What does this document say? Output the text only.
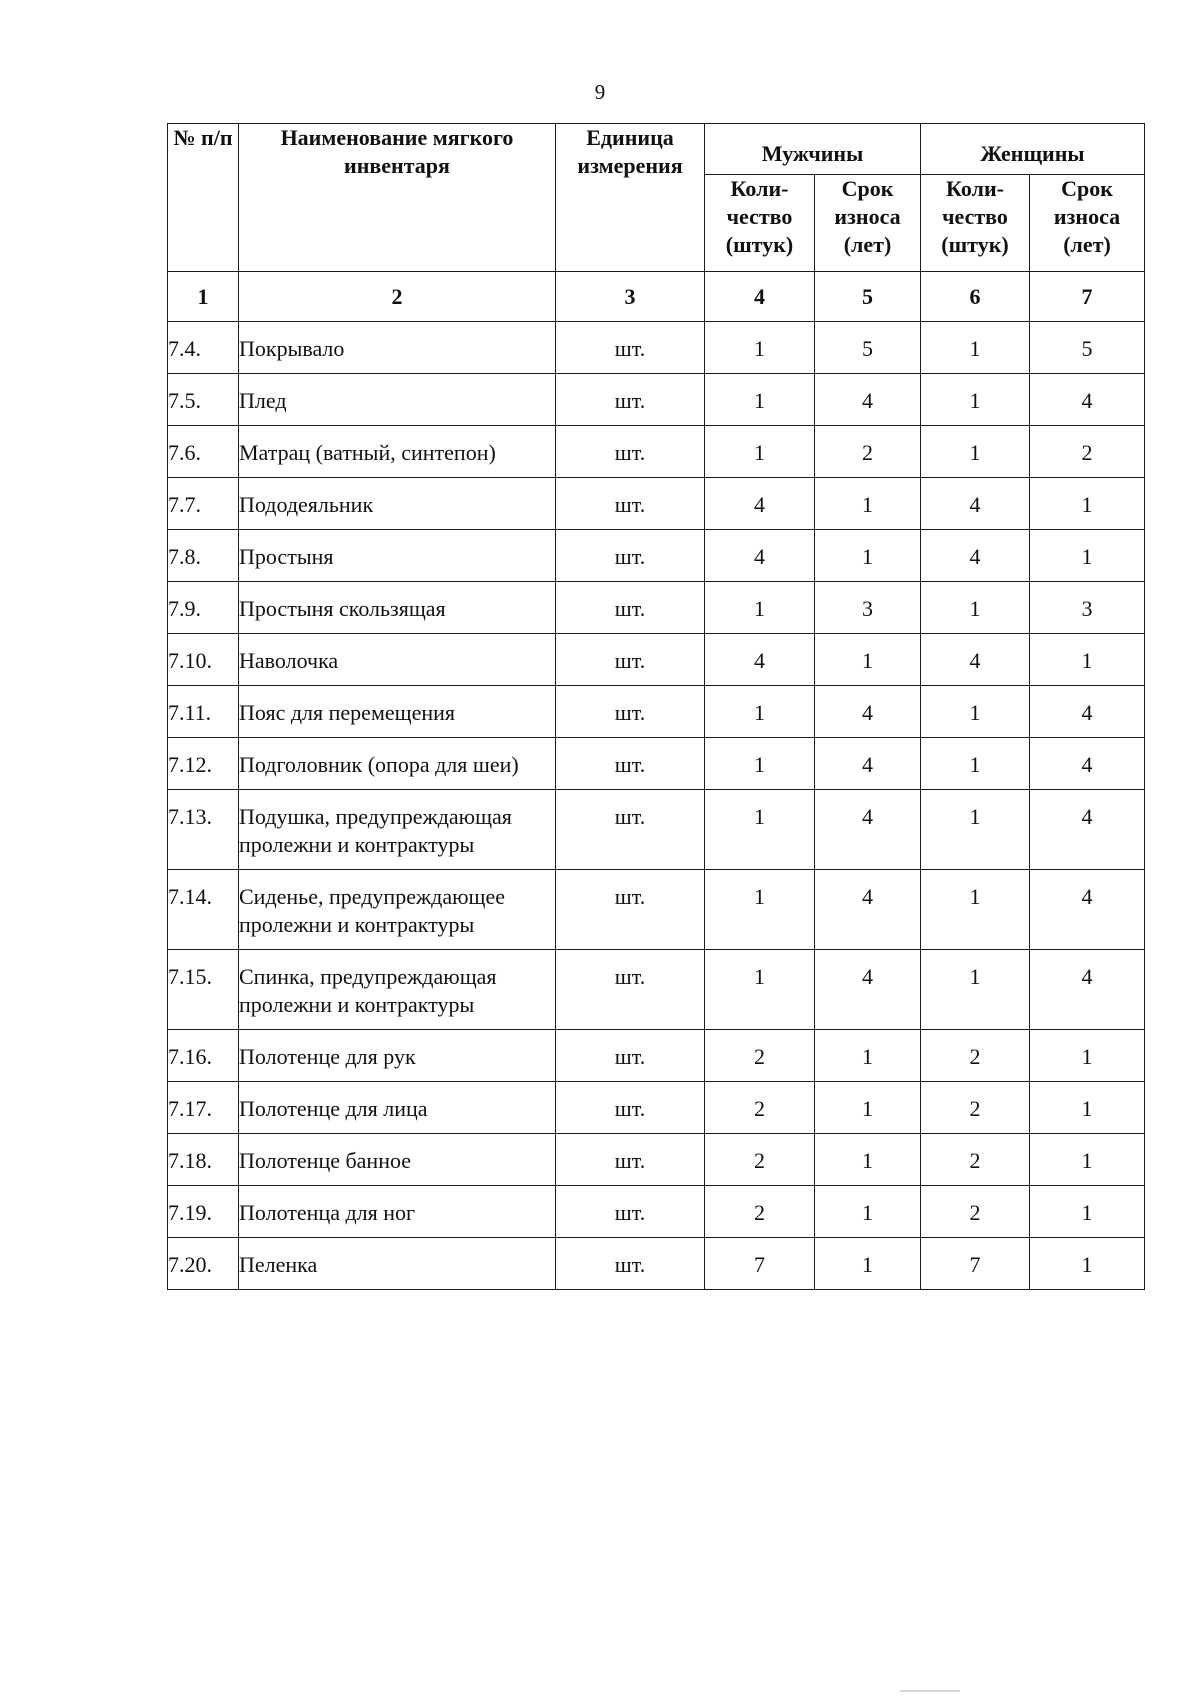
9
№ п/п	Наименование мягкого инвентаря	Единица измерения	Мужчины		Женщины	
			Коли-чество (штук)	Срок износа (лет)	Коли-чество (штук)	Срок износа (лет)
1	2	3	4	5	6	7
7.4.	Покрывало	шт.	1	5	1	5
7.5.	Плед	шт.	1	4	1	4
7.6.	Матрац (ватный, синтепон)	шт.	1	2	1	2
7.7.	Пододеяльник	шт.	4	1	4	1
7.8.	Простыня	шт.	4	1	4	1
7.9.	Простыня скользящая	шт.	1	3	1	3
7.10.	Наволочка	шт.	4	1	4	1
7.11.	Пояс для перемещения	шт.	1	4	1	4
7.12.	Подголовник (опора для шеи)	шт.	1	4	1	4
7.13.	Подушка, предупреждающая пролежни и контрактуры	шт.	1	4	1	4
7.14.	Сиденье, предупреждающее пролежни и контрактуры	шт.	1	4	1	4
7.15.	Спинка, предупреждающая пролежни и контрактуры	шт.	1	4	1	4
7.16.	Полотенце для рук	шт.	2	1	2	1
7.17.	Полотенце для лица	шт.	2	1	2	1
7.18.	Полотенце банное	шт.	2	1	2	1
7.19.	Полотенца для ног	шт.	2	1	2	1
7.20.	Пеленка	шт.	7	1	7	1
